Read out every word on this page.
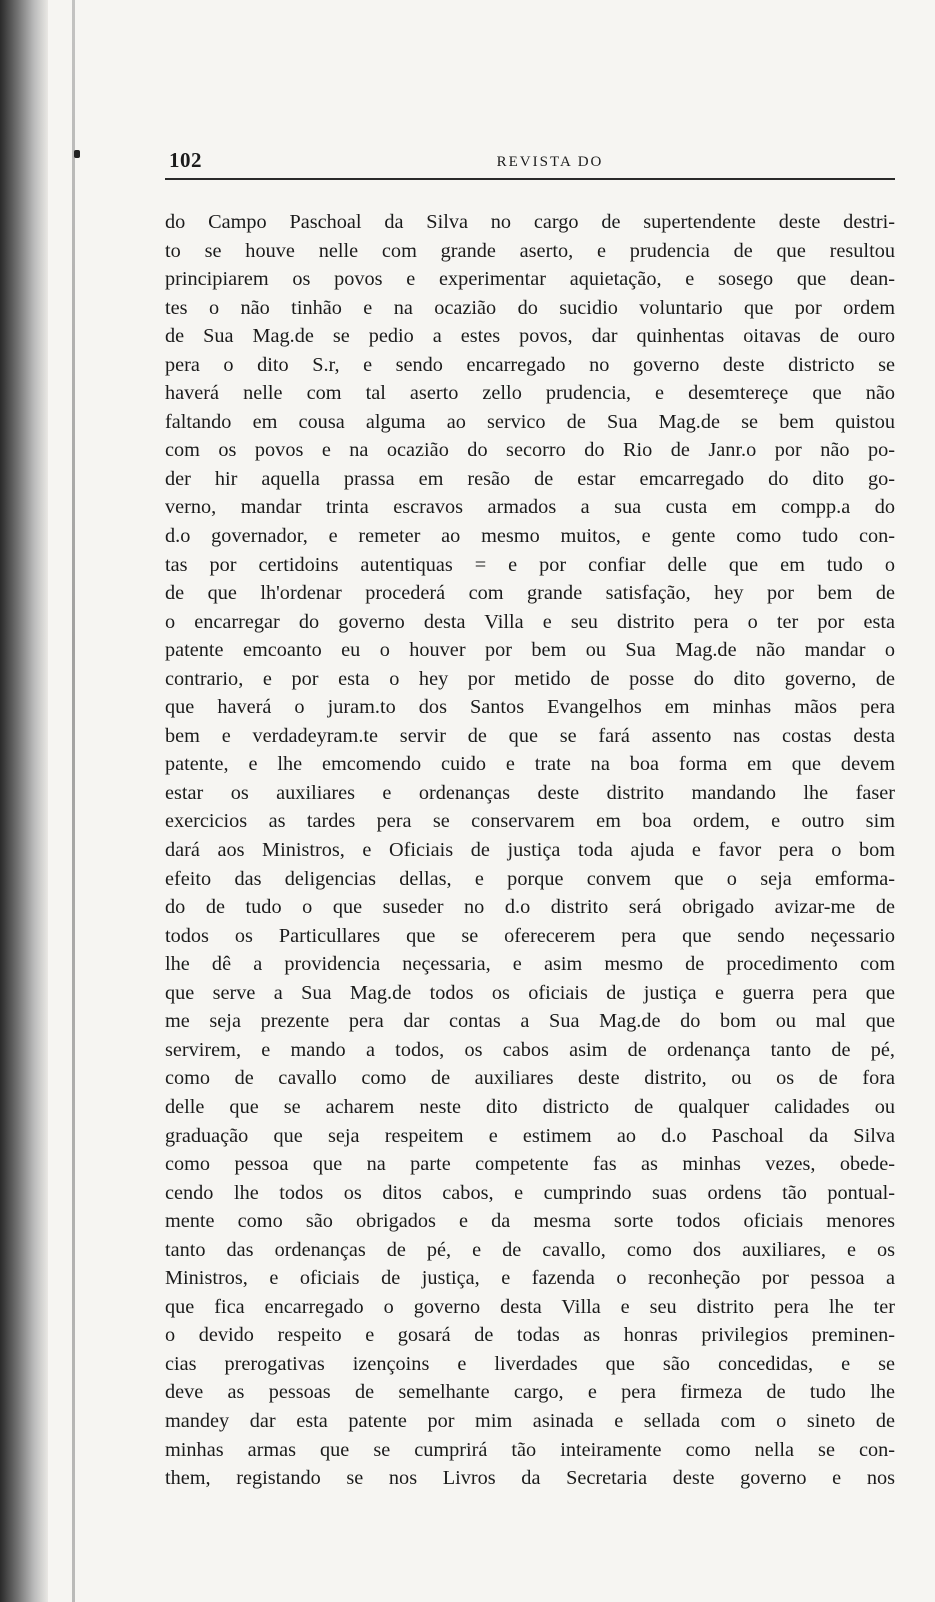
102	REVISTA DO
do Campo Paschoal da Silva no cargo de supertendente deste destri-
to se houve nelle com grande aserto, e prudencia de que resultou
principiarem os povos e experimentar aquietação, e sosego que dean-
tes o não tinhão e na ocazião do sucidio voluntario que por ordem
de Sua Mag.de se pedio a estes povos, dar quinhentas oitavas de ouro
pera o dito S.r, e sendo encarregado no governo deste districto se
haverá nelle com tal aserto zello prudencia, e desemtereçe que não
faltando em cousa alguma ao servico de Sua Mag.de se bem quistou
com os povos e na ocazião do secorro do Rio de Janr.o por não po-
der hir aquella prassa em resão de estar emcarregado do dito go-
verno, mandar trinta escravos armados a sua custa em compp.a do
d.o governador, e remeter ao mesmo muitos, e gente como tudo con-
tas por certidoins autentiquas = e por confiar delle que em tudo o
de que lh'ordenar procederá com grande satisfação, hey por bem de
o encarregar do governo desta Villa e seu distrito pera o ter por esta
patente emcoanto eu o houver por bem ou Sua Mag.de não mandar o
contrario, e por esta o hey por metido de posse do dito governo, de
que haverá o juram.to dos Santos Evangelhos em minhas mãos pera
bem e verdadeyram.te servir de que se fará assento nas costas desta
patente, e lhe emcomendo cuido e trate na boa forma em que devem
estar os auxiliares e ordenanças deste distrito mandando lhe faser
exercicios as tardes pera se conservarem em boa ordem, e outro sim
dará aos Ministros, e Oficiais de justiça toda ajuda e favor pera o bom
efeito das deligencias dellas, e porque convem que o seja emforma-
do de tudo o que suseder no d.o distrito será obrigado avizar-me de
todos os Particullares que se oferecerem pera que sendo neçessario
lhe dê a providencia neçessaria, e asim mesmo de procedimento com
que serve a Sua Mag.de todos os oficiais de justiça e guerra pera que
me seja prezente pera dar contas a Sua Mag.de do bom ou mal que
servirem, e mando a todos, os cabos asim de ordenança tanto de pé,
como de cavallo como de auxiliares deste distrito, ou os de fora
delle que se acharem neste dito districto de qualquer calidades ou
graduação que seja respeitem e estimem ao d.o Paschoal da Silva
como pessoa que na parte competente fas as minhas vezes, obede-
cendo lhe todos os ditos cabos, e cumprindo suas ordens tão pontual-
mente como são obrigados e da mesma sorte todos oficiais menores
tanto das ordenanças de pé, e de cavallo, como dos auxiliares, e os
Ministros, e oficiais de justiça, e fazenda o reconheção por pessoa a
que fica encarregado o governo desta Villa e seu distrito pera lhe ter
o devido respeito e gosará de todas as honras privilegios preminen-
cias prerogativas izençoins e liverdades que são concedidas, e se
deve as pessoas de semelhante cargo, e pera firmeza de tudo lhe
mandey dar esta patente por mim asinada e sellada com o sineto de
minhas armas que se cumprirá tão inteiramente como nella se con-
them, registando se nos Livros da Secretaria deste governo e nos
